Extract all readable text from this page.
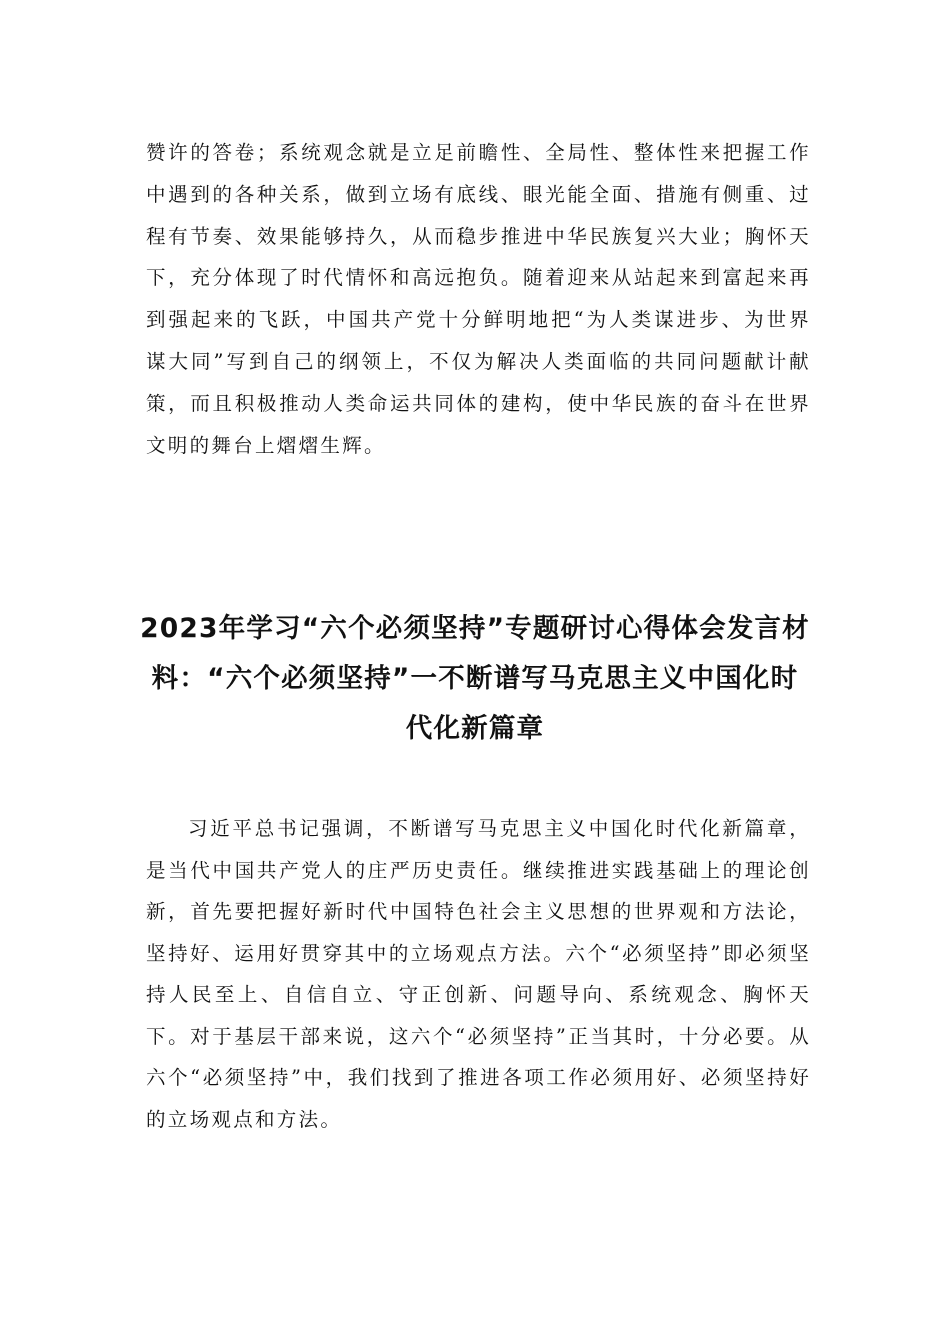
赞许的答卷；系统观念就是立足前瞻性、全局性、整体性来把握工作中遇到的各种关系，做到立场有底线、眼光能全面、措施有侧重、过程有节奏、效果能够持久，从而稳步推进中华民族复兴大业；胸怀天下，充分体现了时代情怀和高远抱负。随着迎来从站起来到富起来再到强起来的飞跃，中国共产党十分鲜明地把“为人类谋进步、为世界谋大同”写到自己的纲领上，不仅为解决人类面临的共同问题献计献策，而且积极推动人类命运共同体的建构，使中华民族的奋斗在世界文明的舞台上熠熠生辉。

2023年学习“六个必须坚持”专题研讨心得体会发言材料：“六个必须坚持”一不断谱写马克思主义中国化时代化新篇章

习近平总书记强调，不断谱写马克思主义中国化时代化新篇章，是当代中国共产党人的庄严历史责任。继续推进实践基础上的理论创新，首先要把握好新时代中国特色社会主义思想的世界观和方法论，坚持好、运用好贯穿其中的立场观点方法。六个“必须坚持”即必须坚持人民至上、自信自立、守正创新、问题导向、系统观念、胸怀天下。对于基层干部来说，这六个“必须坚持”正当其时，十分必要。从六个“必须坚持”中，我们找到了推进各项工作必须用好、必须坚持好的立场观点和方法。
